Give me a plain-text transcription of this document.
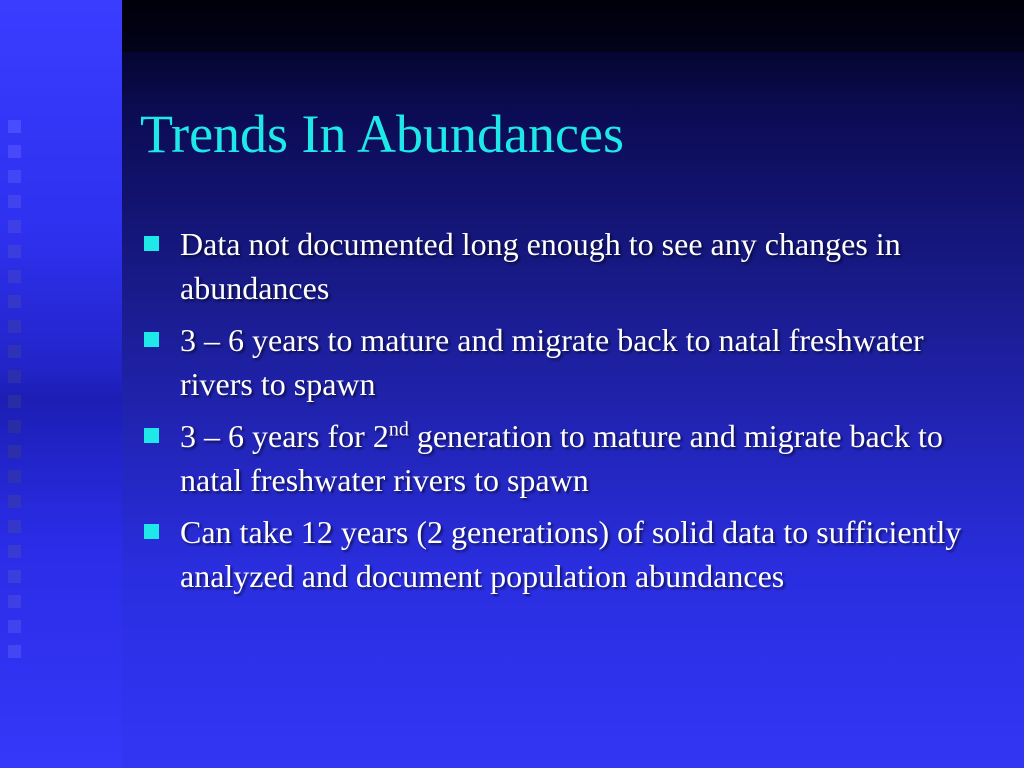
Trends In Abundances
Data not documented long enough to see any changes in abundances
3 – 6 years to mature and migrate back to natal freshwater rivers to spawn
3 – 6 years for 2nd generation to mature and migrate back to natal freshwater rivers to spawn
Can take 12 years (2 generations) of solid data to sufficiently analyzed and document population abundances
